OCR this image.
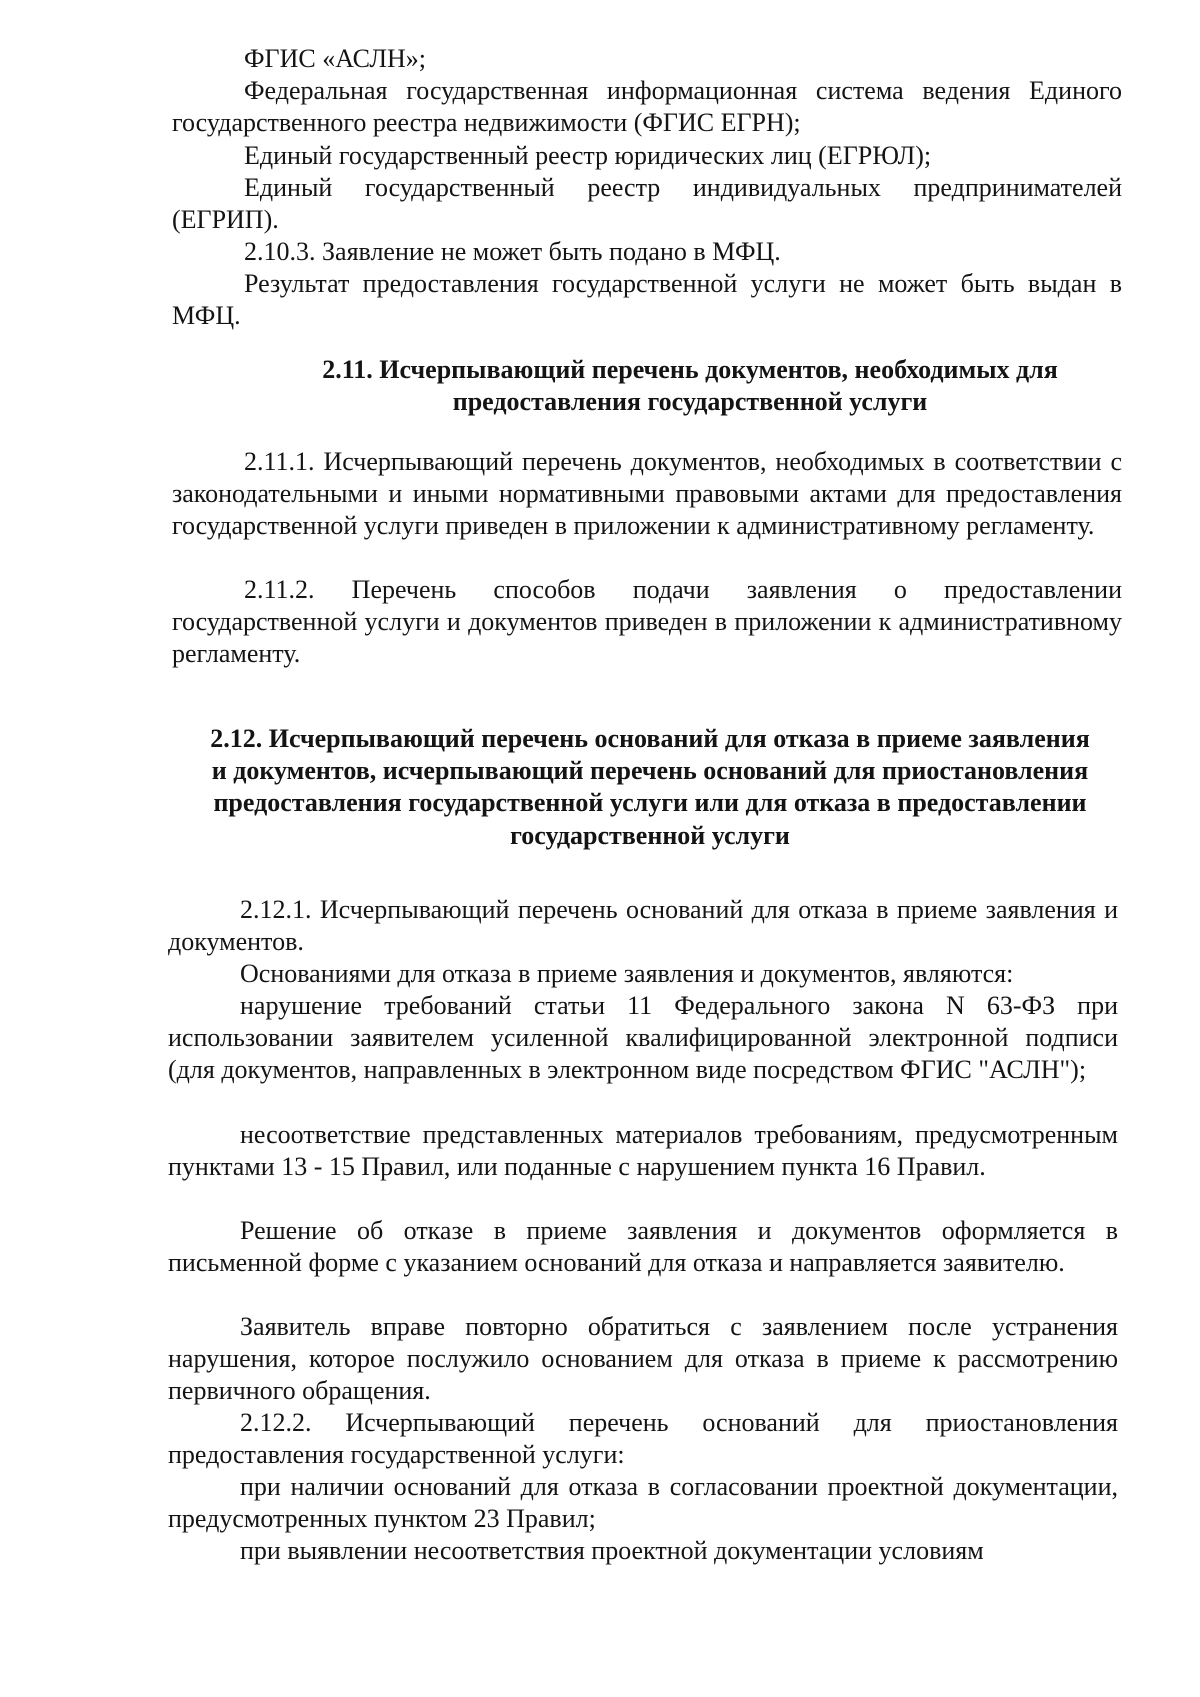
ФГИС «АСЛН»;

Федеральная государственная информационная система ведения Единого государственного реестра недвижимости (ФГИС ЕГРН);

Единый государственный реестр юридических лиц (ЕГРЮЛ);

Единый государственный реестр индивидуальных предпринимателей (ЕГРИП).

2.10.3. Заявление не может быть подано в МФЦ.

Результат предоставления государственной услуги не может быть выдан в МФЦ.

2.11. Исчерпывающий перечень документов, необходимых для предоставления государственной услуги

2.11.1. Исчерпывающий перечень документов, необходимых в соответствии с законодательными и иными нормативными правовыми актами для предоставления государственной услуги приведен в приложении к административному регламенту.

2.11.2. Перечень способов подачи заявления о предоставлении государственной услуги и документов приведен в приложении к административному регламенту.

2.12. Исчерпывающий перечень оснований для отказа в приеме заявления и документов, исчерпывающий перечень оснований для приостановления предоставления государственной услуги или для отказа в предоставлении государственной услуги

2.12.1. Исчерпывающий перечень оснований для отказа в приеме заявления и документов.

Основаниями для отказа в приеме заявления и документов, являются:

нарушение требований статьи 11 Федерального закона N 63-ФЗ при использовании заявителем усиленной квалифицированной электронной подписи (для документов, направленных в электронном виде посредством ФГИС "АСЛН");

несоответствие представленных материалов требованиям, предусмотренным пунктами 13 - 15 Правил, или поданные с нарушением пункта 16 Правил.

Решение об отказе в приеме заявления и документов оформляется в письменной форме с указанием оснований для отказа и направляется заявителю.

Заявитель вправе повторно обратиться с заявлением после устранения нарушения, которое послужило основанием для отказа в приеме к рассмотрению первичного обращения.

2.12.2. Исчерпывающий перечень оснований для приостановления предоставления государственной услуги:

при наличии оснований для отказа в согласовании проектной документации, предусмотренных пунктом 23 Правил;

при выявлении несоответствия проектной документации условиям
